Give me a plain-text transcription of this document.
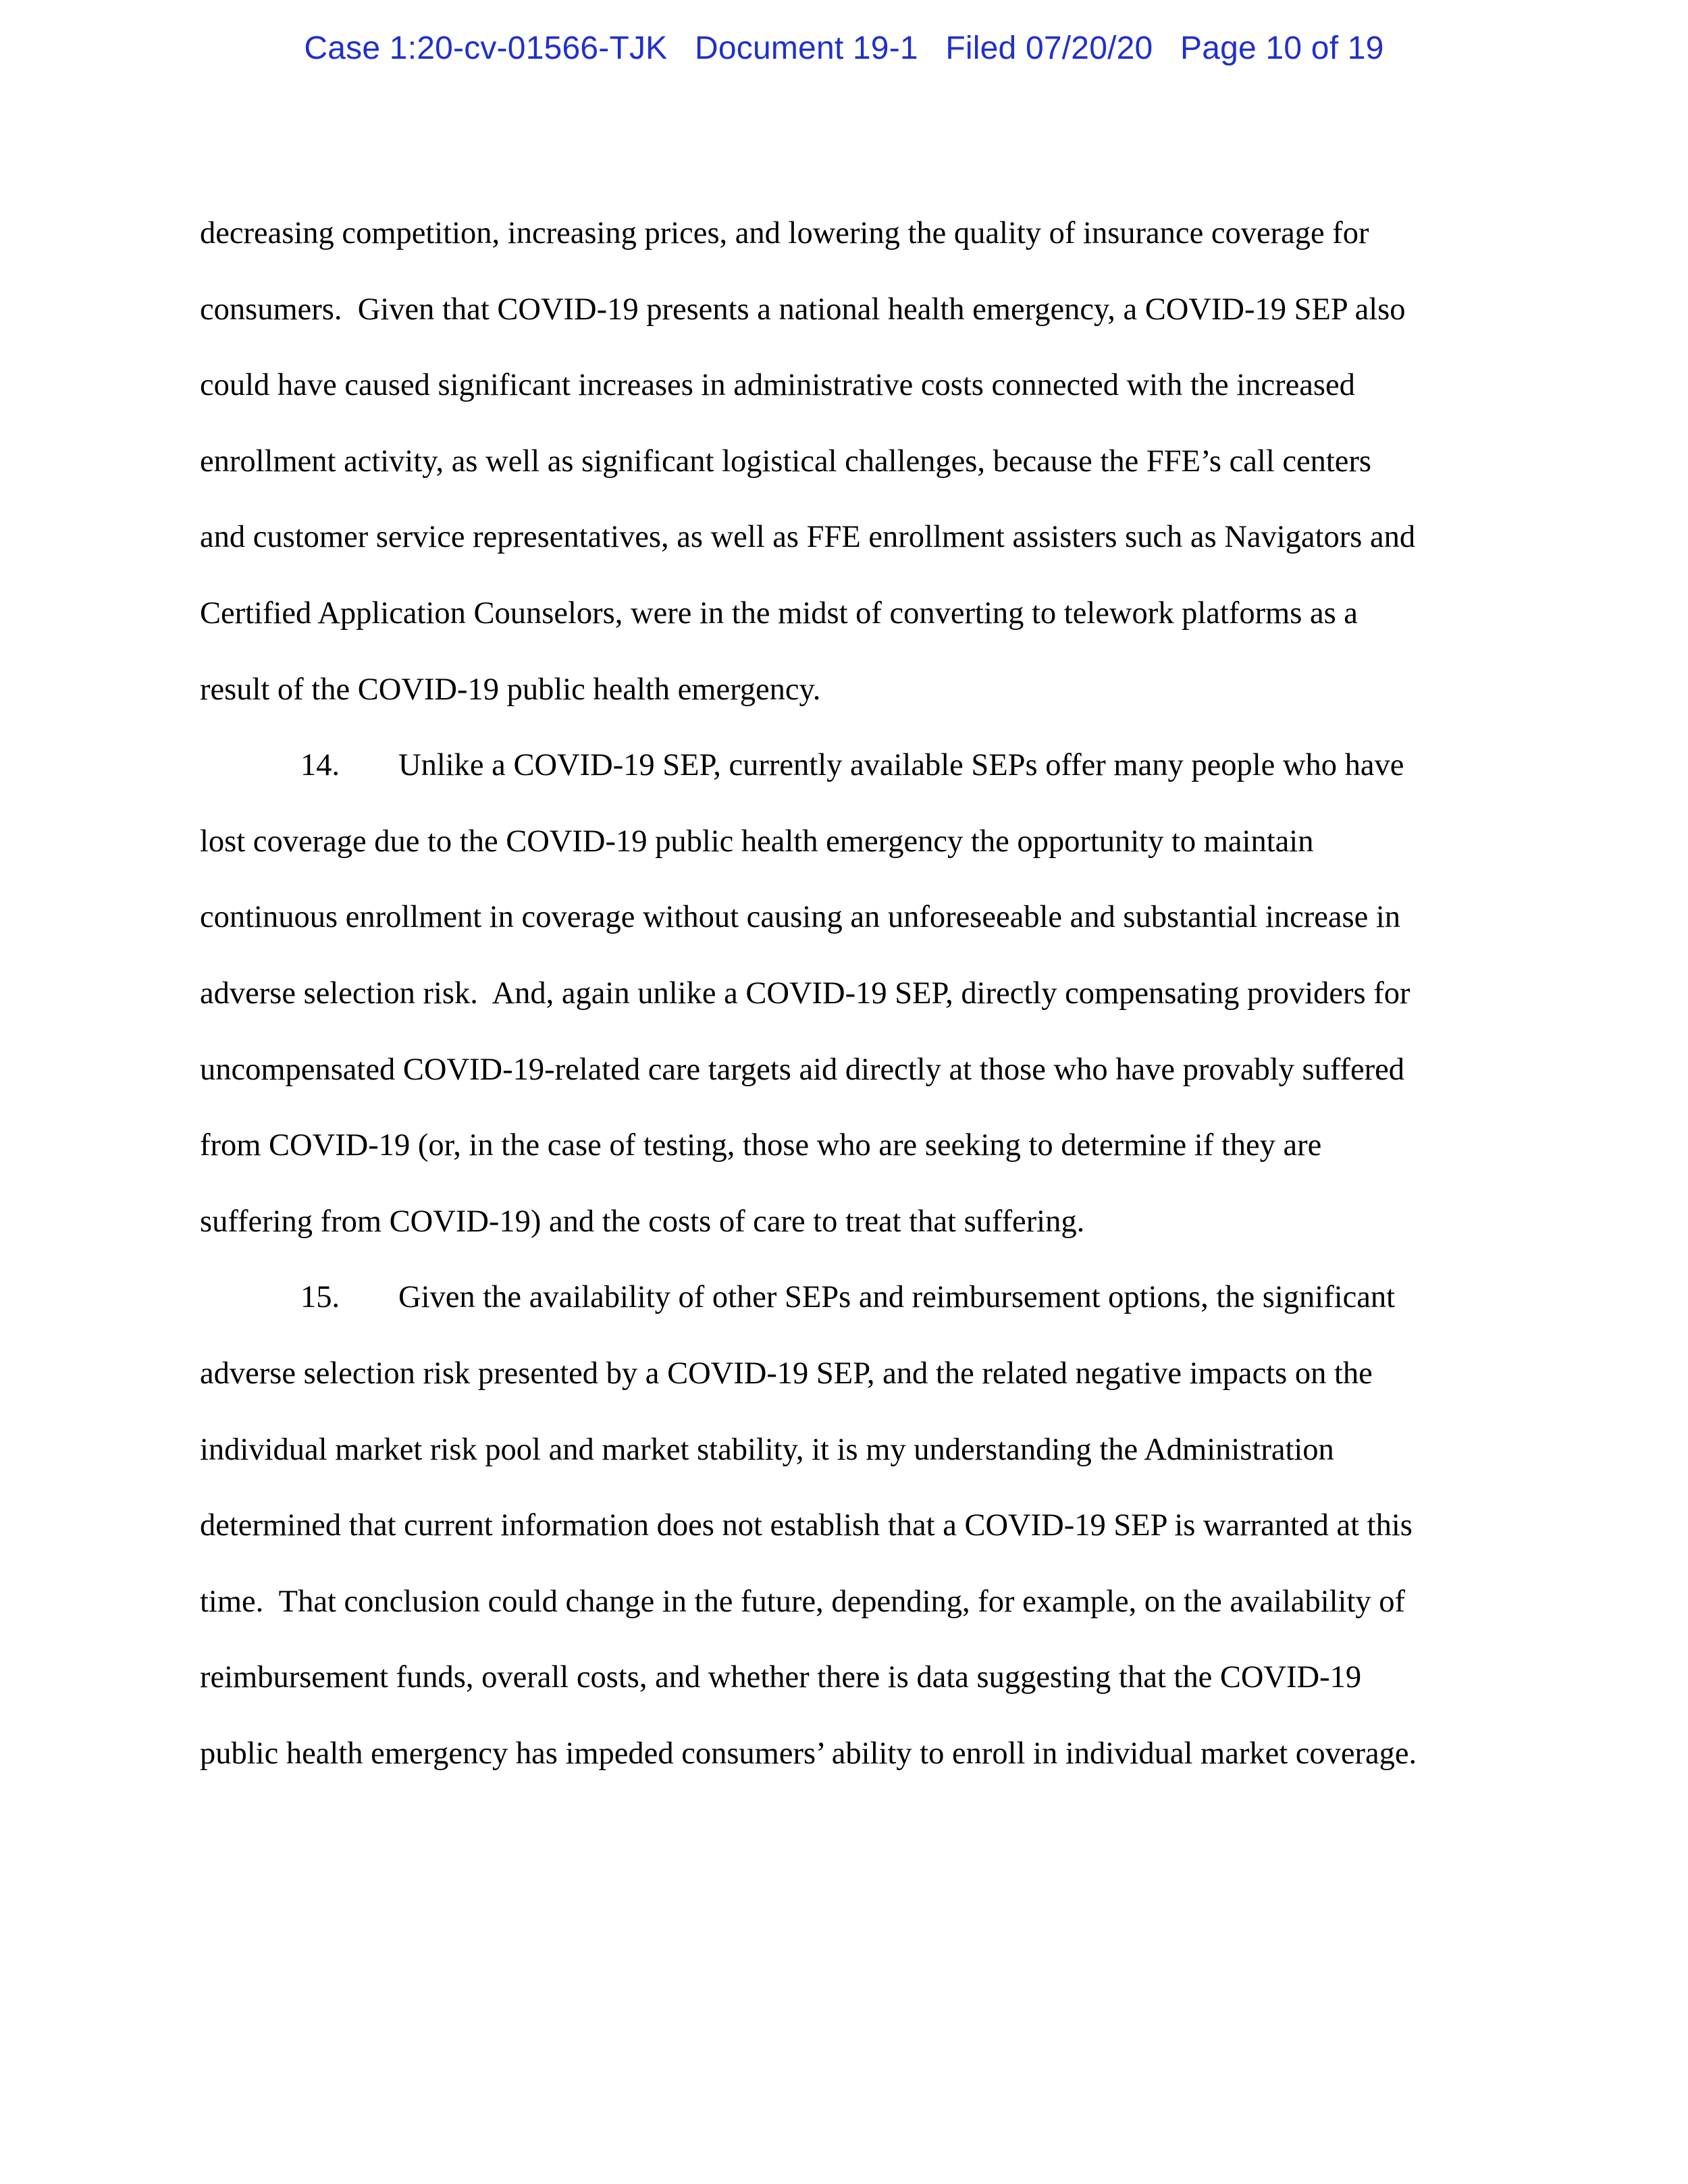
Case 1:20-cv-01566-TJK Document 19-1 Filed 07/20/20 Page 10 of 19
decreasing competition, increasing prices, and lowering the quality of insurance coverage for
consumers.  Given that COVID-19 presents a national health emergency, a COVID-19 SEP also
could have caused significant increases in administrative costs connected with the increased
enrollment activity, as well as significant logistical challenges, because the FFE’s call centers
and customer service representatives, as well as FFE enrollment assisters such as Navigators and
Certified Application Counselors, were in the midst of converting to telework platforms as a
result of the COVID-19 public health emergency.
14. Unlike a COVID-19 SEP, currently available SEPs offer many people who have
lost coverage due to the COVID-19 public health emergency the opportunity to maintain
continuous enrollment in coverage without causing an unforeseeable and substantial increase in
adverse selection risk.  And, again unlike a COVID-19 SEP, directly compensating providers for
uncompensated COVID-19-related care targets aid directly at those who have provably suffered
from COVID-19 (or, in the case of testing, those who are seeking to determine if they are
suffering from COVID-19) and the costs of care to treat that suffering.
15. Given the availability of other SEPs and reimbursement options, the significant
adverse selection risk presented by a COVID-19 SEP, and the related negative impacts on the
individual market risk pool and market stability, it is my understanding the Administration
determined that current information does not establish that a COVID-19 SEP is warranted at this
time.  That conclusion could change in the future, depending, for example, on the availability of
reimbursement funds, overall costs, and whether there is data suggesting that the COVID-19
public health emergency has impeded consumers’ ability to enroll in individual market coverage.
